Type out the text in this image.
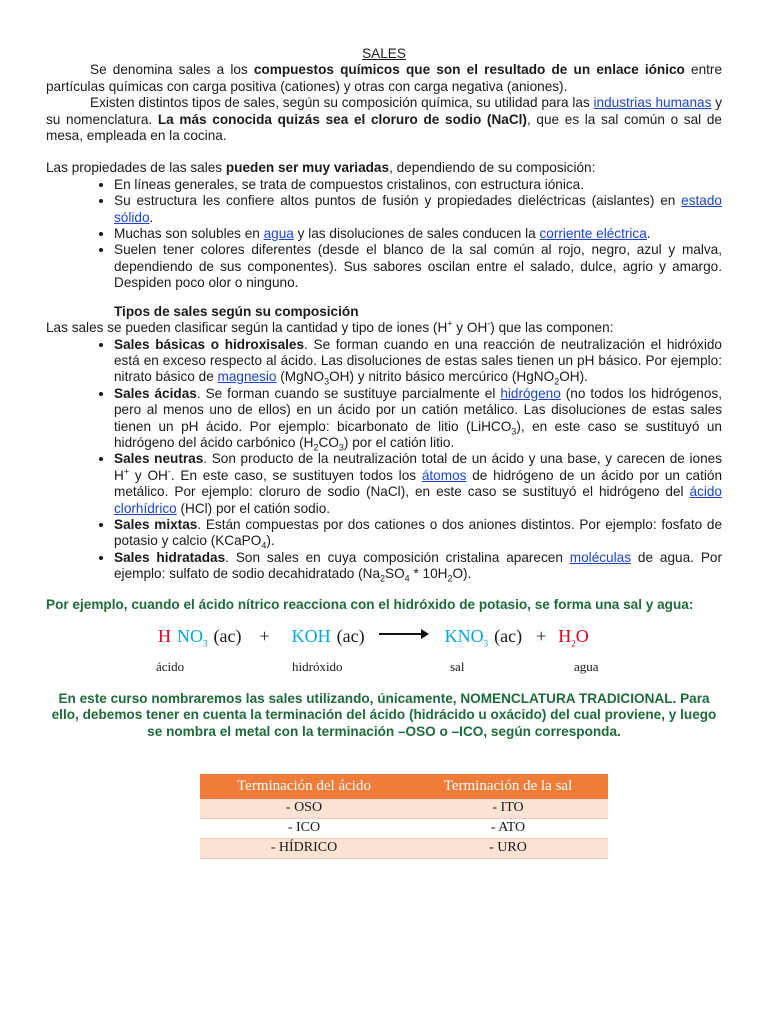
SALES

Se denomina sales a los compuestos químicos que son el resultado de un enlace iónico entre partículas químicas con carga positiva (cationes) y otras con carga negativa (aniones).

Existen distintos tipos de sales, según su composición química, su utilidad para las industrias humanas y su nomenclatura. La más conocida quizás sea el cloruro de sodio (NaCl), que es la sal común o sal de mesa, empleada en la cocina.

Las propiedades de las sales pueden ser muy variadas, dependiendo de su composición:

• En líneas generales, se trata de compuestos cristalinos, con estructura iónica.
• Su estructura les confiere altos puntos de fusión y propiedades dieléctricas (aislantes) en estado sólido.
• Muchas son solubles en agua y las disoluciones de sales conducen la corriente eléctrica.
• Suelen tener colores diferentes (desde el blanco de la sal común al rojo, negro, azul y malva, dependiendo de sus componentes). Sus sabores oscilan entre el salado, dulce, agrio y amargo. Despiden poco olor o ninguno.

Tipos de sales según su composición

Las sales se pueden clasificar según la cantidad y tipo de iones (H+ y OH-) que las componen:

• Sales básicas o hidroxisales. Se forman cuando en una reacción de neutralización el hidróxido está en exceso respecto al ácido. Las disoluciones de estas sales tienen un pH básico. Por ejemplo: nitrato básico de magnesio (MgNO$_3$OH) y nitrito básico mercúrico (HgNO$_2$OH).
• Sales ácidas. Se forman cuando se sustituye parcialmente el hidrógeno (no todos los hidrógenos, pero al menos uno de ellos) en un ácido por un catión metálico. Las disoluciones de estas sales tienen un pH ácido. Por ejemplo: bicarbonato de litio (LiHCO$_3$), en este caso se sustituyó un hidrógeno del ácido carbónico $(H_2CO_3)$ por el catión litio.
• Sales neutras. Son producto de la neutralización total de un ácido y una base, y carecen de iones H+ y OH-. En este caso, se sustituyen todos los átomos de hidrógeno de un ácido por un catión metálico. Por ejemplo: cloruro de sodio (NaCl), en este caso se sustituyó el hidrógeno del ácido clorhídrico (HCl) por el catión sodio.
• Sales mixtas. Están compuestas por dos cationes o dos aniones distintos. Por ejemplo: fosfato de potasio y calcio (KCaPO$_4$).
• Sales hidratadas. Son sales en cuya composición cristalina aparecen moléculas de agua. Por ejemplo: sulfato de sodio decahidratado $(Na_2SO_4 * 10H_2O)$.

Por ejemplo, cuando el ácido nítrico reacciona con el hidróxido de potasio, se forma una sal y agua:

H $NO_3$ (ac) + KOH $(ac) \to KNO_3$ $(ac) + H_2O$
ácido	hidróxido	sal	agua

En este curso nombraremos las sales utilizando, únicamente, NOMENCLATURA TRADICIONAL. Para ello, debemos tener en cuenta la terminación del ácido (hidrácido u oxácido) del cual proviene, y luego se nombra el metal con la terminación –OSO o –ICO, según corresponda.

Terminación del ácido	Terminación de la sal
- OSO	- ITO
- ICO	- ATO
- HÍDRICO	- URO
